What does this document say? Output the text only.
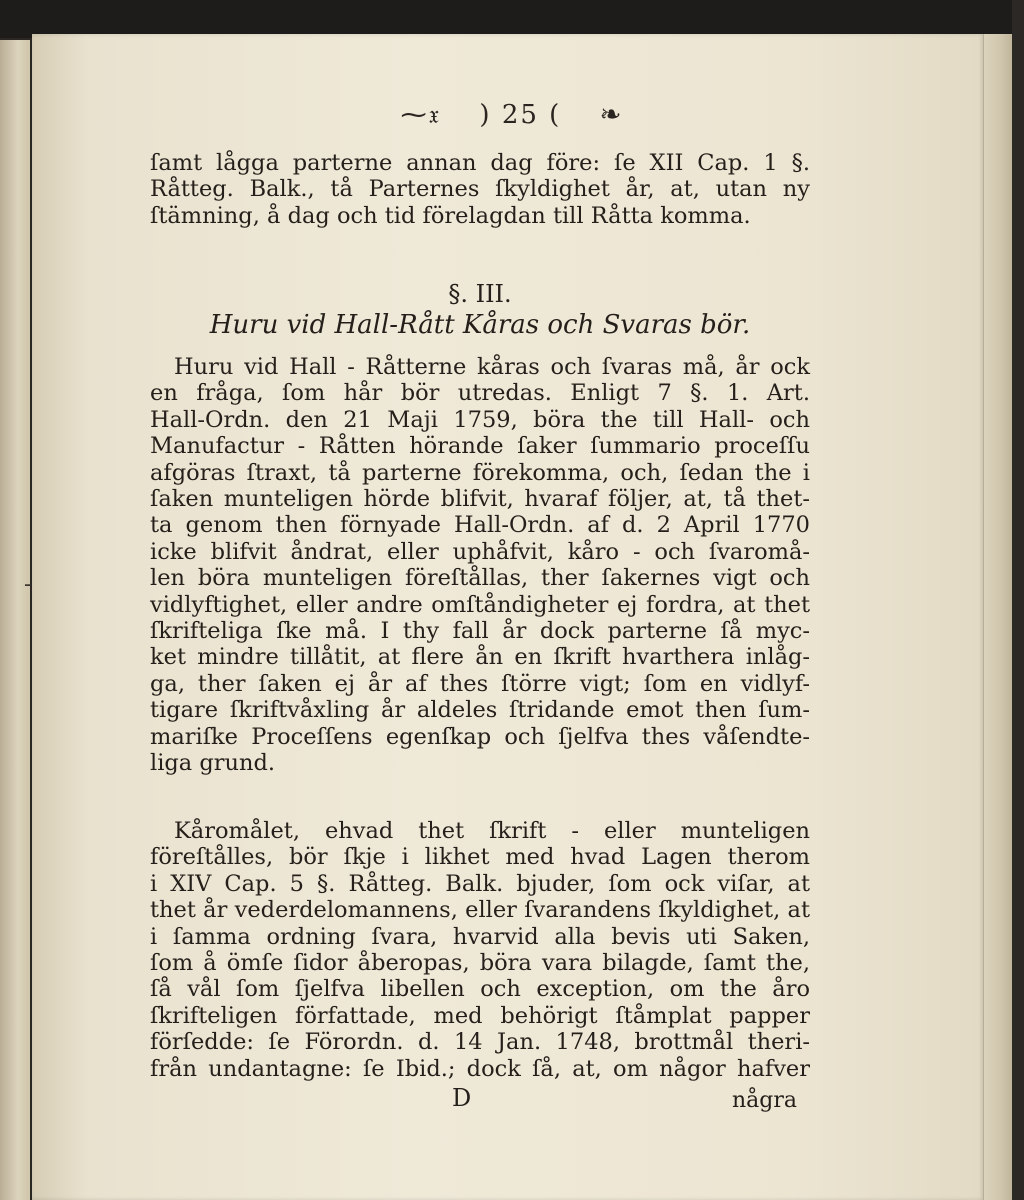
⁓𝔵 ) 25 ( ❧
ſamt lågga parterne annan dag före: ſe XII Cap. 1 §.
Råtteg. Balk., tå Parternes ſkyldighet år, at, utan ny
ſtämning, å dag och tid förelagdan till Råtta komma.
§. III.
Huru vid Hall-Rått Kåras och Svaras bör.
-
Huru vid Hall - Råtterne kåras och ſvaras må, år ock
en fråga, ſom hår bör utredas. Enligt 7 §. 1. Art.
Hall-Ordn. den 21 Maji 1759, böra the till Hall- och
Manufactur - Råtten hörande ſaker ſummario proceſſu
afgöras ſtraxt, tå parterne förekomma, och, ſedan the i
ſaken munteligen hörde blifvit, hvaraf följer, at, tå thet-
ta genom then förnyade Hall-Ordn. af d. 2 April 1770
icke blifvit åndrat, eller uphåfvit, kåro - och ſvaromå-
len böra munteligen föreſtållas, ther ſakernes vigt och
vidlyftighet, eller andre omſtåndigheter ej fordra, at thet
ſkrifteliga ſke må. I thy fall år dock parterne ſå myc-
ket mindre tillåtit, at flere ån en ſkrift hvarthera inlåg-
ga, ther ſaken ej år af thes ſtörre vigt; ſom en vidlyf-
tigare ſkriftvåxling år aldeles ſtridande emot then ſum-
mariſke Proceſſens egenſkap och ſjelfva thes våſendte-
liga grund.
Kåromålet, ehvad thet ſkrift - eller munteligen
föreſtålles, bör ſkje i likhet med hvad Lagen therom
i XIV Cap. 5 §. Råtteg. Balk. bjuder, ſom ock viſar, at
thet år vederdelomannens, eller ſvarandens ſkyldighet, at
i ſamma ordning ſvara, hvarvid alla bevis uti Saken,
ſom å ömſe ſidor åberopas, böra vara bilagde, ſamt the,
ſå vål ſom ſjelfva libellen och exception, om the åro
ſkrifteligen författade, med behörigt ſtåmplat papper
förſedde: ſe Förordn. d. 14 Jan. 1748, brottmål theri-
från undantagne: ſe Ibid.; dock ſå, at, om någor hafver
D	några
